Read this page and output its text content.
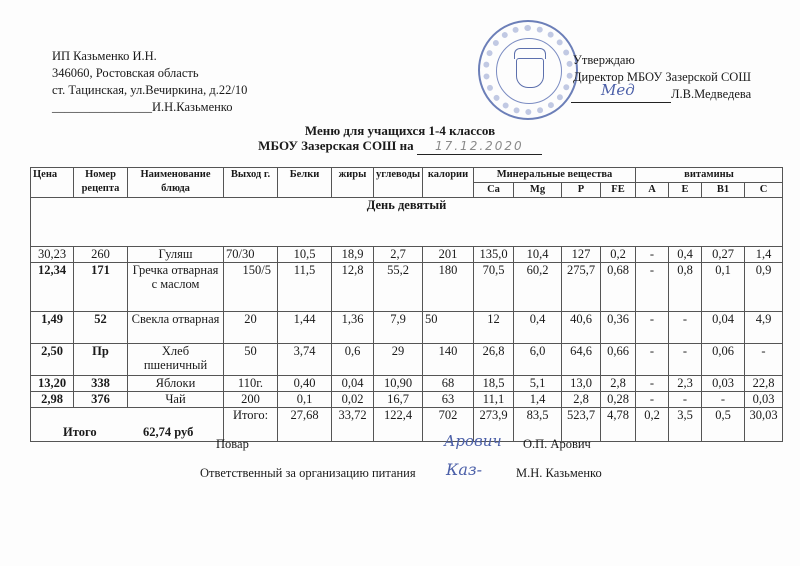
ИП Казьменко И.Н.
346060, Ростовская область
ст. Тацинская, ул.Вечиркина, д.22/10
________________И.Н.Казьменко
Утверждаю
Директор МБОУ Зазерской СОШ
Мед	Л.В.Медведева
Меню для учащихся 1-4 классов
МБОУ Зазерская СОШ на 17.12.2020
Цена	Номер рецепта	Наименование блюда	Выход г.	Белки	жиры	углеводы	калории	Минеральные вещества				витамины			
								Ca	Mg	P	FE	A	E	B1	C
День девятый															
30,23	260	Гуляш	70/30	10,5	18,9	2,7	201	135,0	10,4	127	0,2	-	0,4	0,27	1,4
12,34	171	Гречка отварная с маслом	150/5	11,5	12,8	55,2	180	70,5	60,2	275,7	0,68	-	0,8	0,1	0,9
1,49	52	Свекла отварная	20	1,44	1,36	7,9	50	12	0,4	40,6	0,36	-	-	0,04	4,9
2,50	Пр	Хлеб пшеничный	50	3,74	0,6	29	140	26,8	6,0	64,6	0,66	-	-	0,06	-
13,20	338	Яблоки	110г.	0,40	0,04	10,90	68	18,5	5,1	13,0	2,8	-	2,3	0,03	22,8
2,98	376	Чай	200	0,1	0,02	16,7	63	11,1	1,4	2,8	0,28	-	-	-	0,03
Итого 62,74 руб			Итого:	27,68	33,72	122,4	702	273,9	83,5	523,7	4,78	0,2	3,5	0,5	30,03
Повар	Арович О.П. Арович
Ответственный за организацию питания Каз-	М.Н. Казьменко
